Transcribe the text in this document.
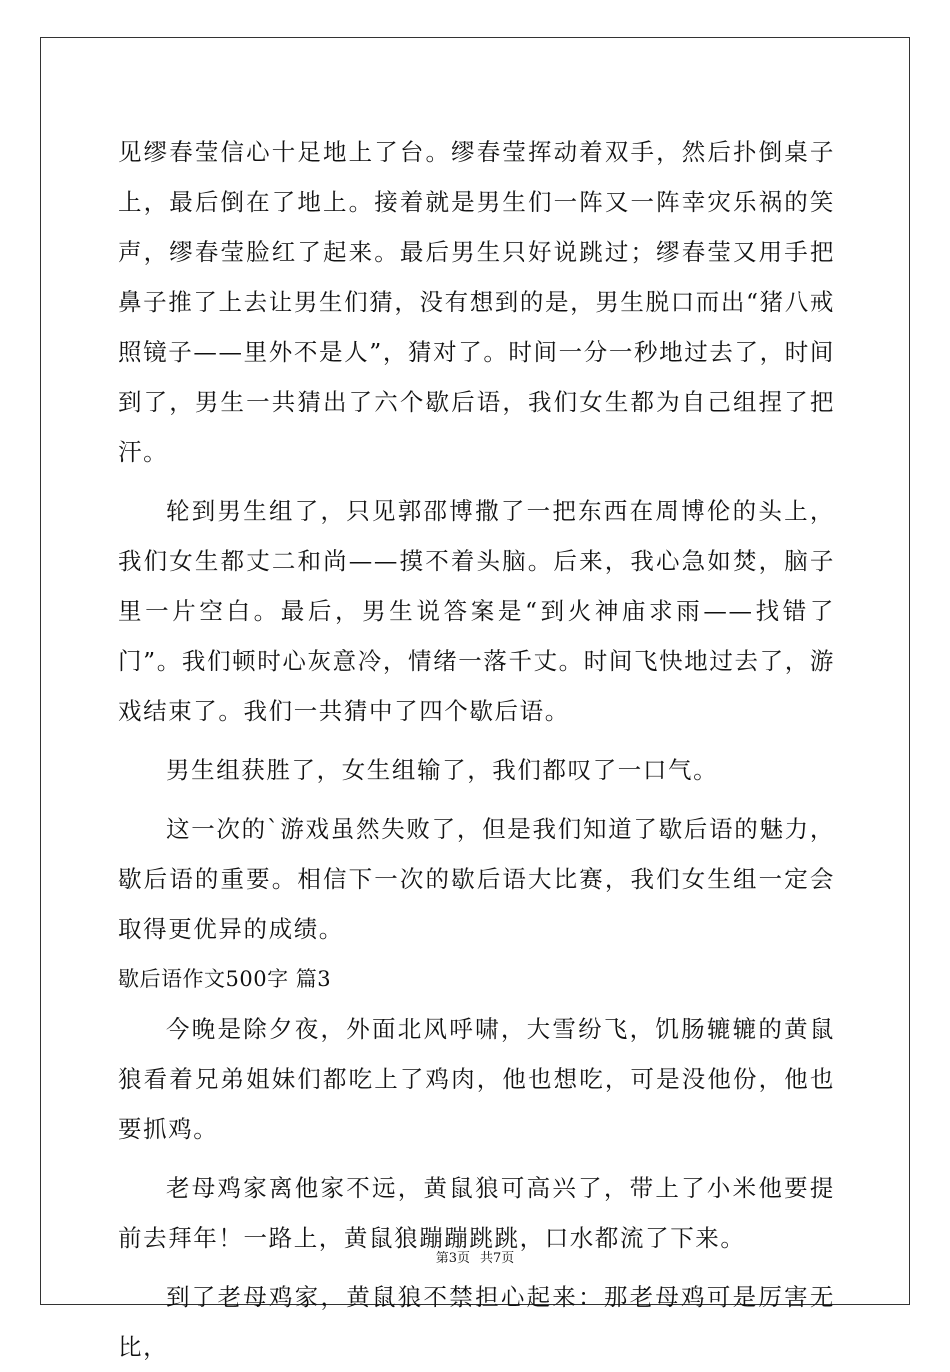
见缪春莹信心十足地上了台。缪春莹挥动着双手，然后扑倒桌子上，最后倒在了地上。接着就是男生们一阵又一阵幸灾乐祸的笑声，缪春莹脸红了起来。最后男生只好说跳过；缪春莹又用手把鼻子推了上去让男生们猜，没有想到的是，男生脱口而出“猪八戒照镜子——里外不是人”，猜对了。时间一分一秒地过去了，时间到了，男生一共猜出了六个歇后语，我们女生都为自己组捏了把汗。

轮到男生组了，只见郭邵博撒了一把东西在周博伦的头上，我们女生都丈二和尚——摸不着头脑。后来，我心急如焚，脑子里一片空白。最后，男生说答案是“到火神庙求雨——找错了门”。我们顿时心灰意冷，情绪一落千丈。时间飞快地过去了，游戏结束了。我们一共猜中了四个歇后语。

男生组获胜了，女生组输了，我们都叹了一口气。

这一次的`游戏虽然失败了，但是我们知道了歇后语的魅力，歇后语的重要。相信下一次的歇后语大比赛，我们女生组一定会取得更优异的成绩。

歇后语作文500字 篇3

今晚是除夕夜，外面北风呼啸，大雪纷飞，饥肠辘辘的黄鼠狼看着兄弟姐妹们都吃上了鸡肉，他也想吃，可是没他份，他也要抓鸡。

老母鸡家离他家不远，黄鼠狼可高兴了，带上了小米他要提前去拜年！一路上，黄鼠狼蹦蹦跳跳，口水都流了下来。

到了老母鸡家，黄鼠狼不禁担心起来：那老母鸡可是厉害无比，

第3页 共7页
